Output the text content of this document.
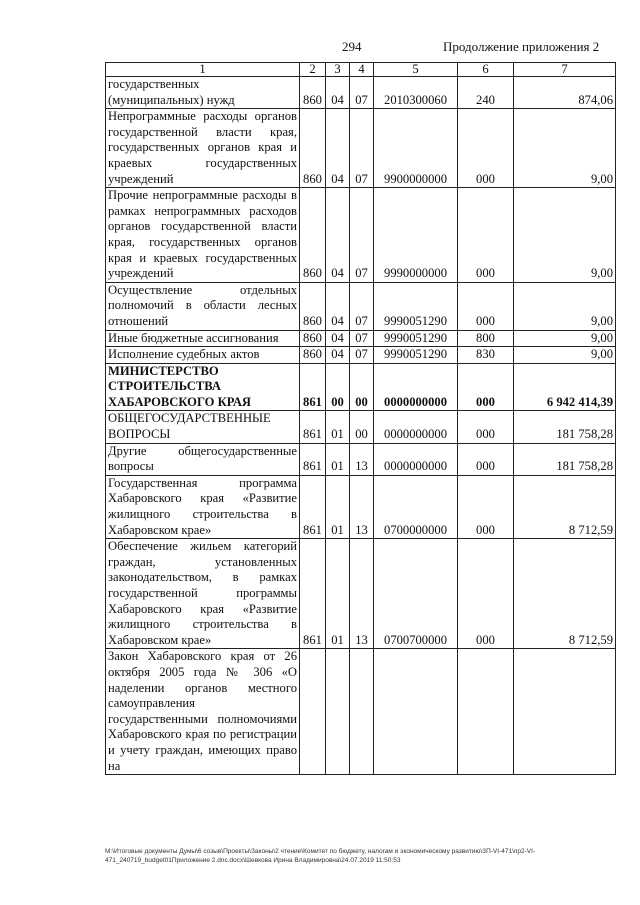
294	Продолжение приложения 2
1	2	3	4	5	6	7
государственных (муниципальных) нужд	860	04	07	2010300060	240	874,06
Непрограммные расходы органов государственной власти края, государственных органов края и краевых государственных учреждений	860	04	07	9900000000	000	9,00
Прочие непрограммные расходы в рамках непрограммных расходов органов государственной власти края, государственных органов края и краевых государственных учреждений	860	04	07	9990000000	000	9,00
Осуществление отдельных полномочий в области лесных отношений	860	04	07	9990051290	000	9,00
Иные бюджетные ассигнования	860	04	07	9990051290	800	9,00
Исполнение судебных актов	860	04	07	9990051290	830	9,00
МИНИСТЕРСТВО СТРОИТЕЛЬСТВА ХАБАРОВСКОГО КРАЯ	861	00	00	0000000000	000	6 942 414,39
ОБЩЕГОСУДАРСТВЕННЫЕ ВОПРОСЫ	861	01	00	0000000000	000	181 758,28
Другие общегосударственные вопросы	861	01	13	0000000000	000	181 758,28
Государственная программа Хабаровского края «Развитие жилищного строительства в Хабаровском крае»	861	01	13	0700000000	000	8 712,59
Обеспечение жильем категорий граждан, установленных законодательством, в рамках государственной программы Хабаровского края «Развитие жилищного строительства в Хабаровском крае»	861	01	13	0700700000	000	8 712,59
Закон Хабаровского края от 26 октября 2005 года № 306 «О наделении органов местного самоуправления государственными полномочиями Хабаровского края по регистрации и учету граждан, имеющих право на						
М:\Итоговые документы Думы\6 созыв\Проекты\Законы\2 чтение\Комитет по бюджету, налогам и экономическому развитию\ЗП-VI-471\пр2-VI-471_240719_budget01Приложение 2.dnc.docx\Шевкова Ирина Владимировна\24.07.2019 11:50:53
